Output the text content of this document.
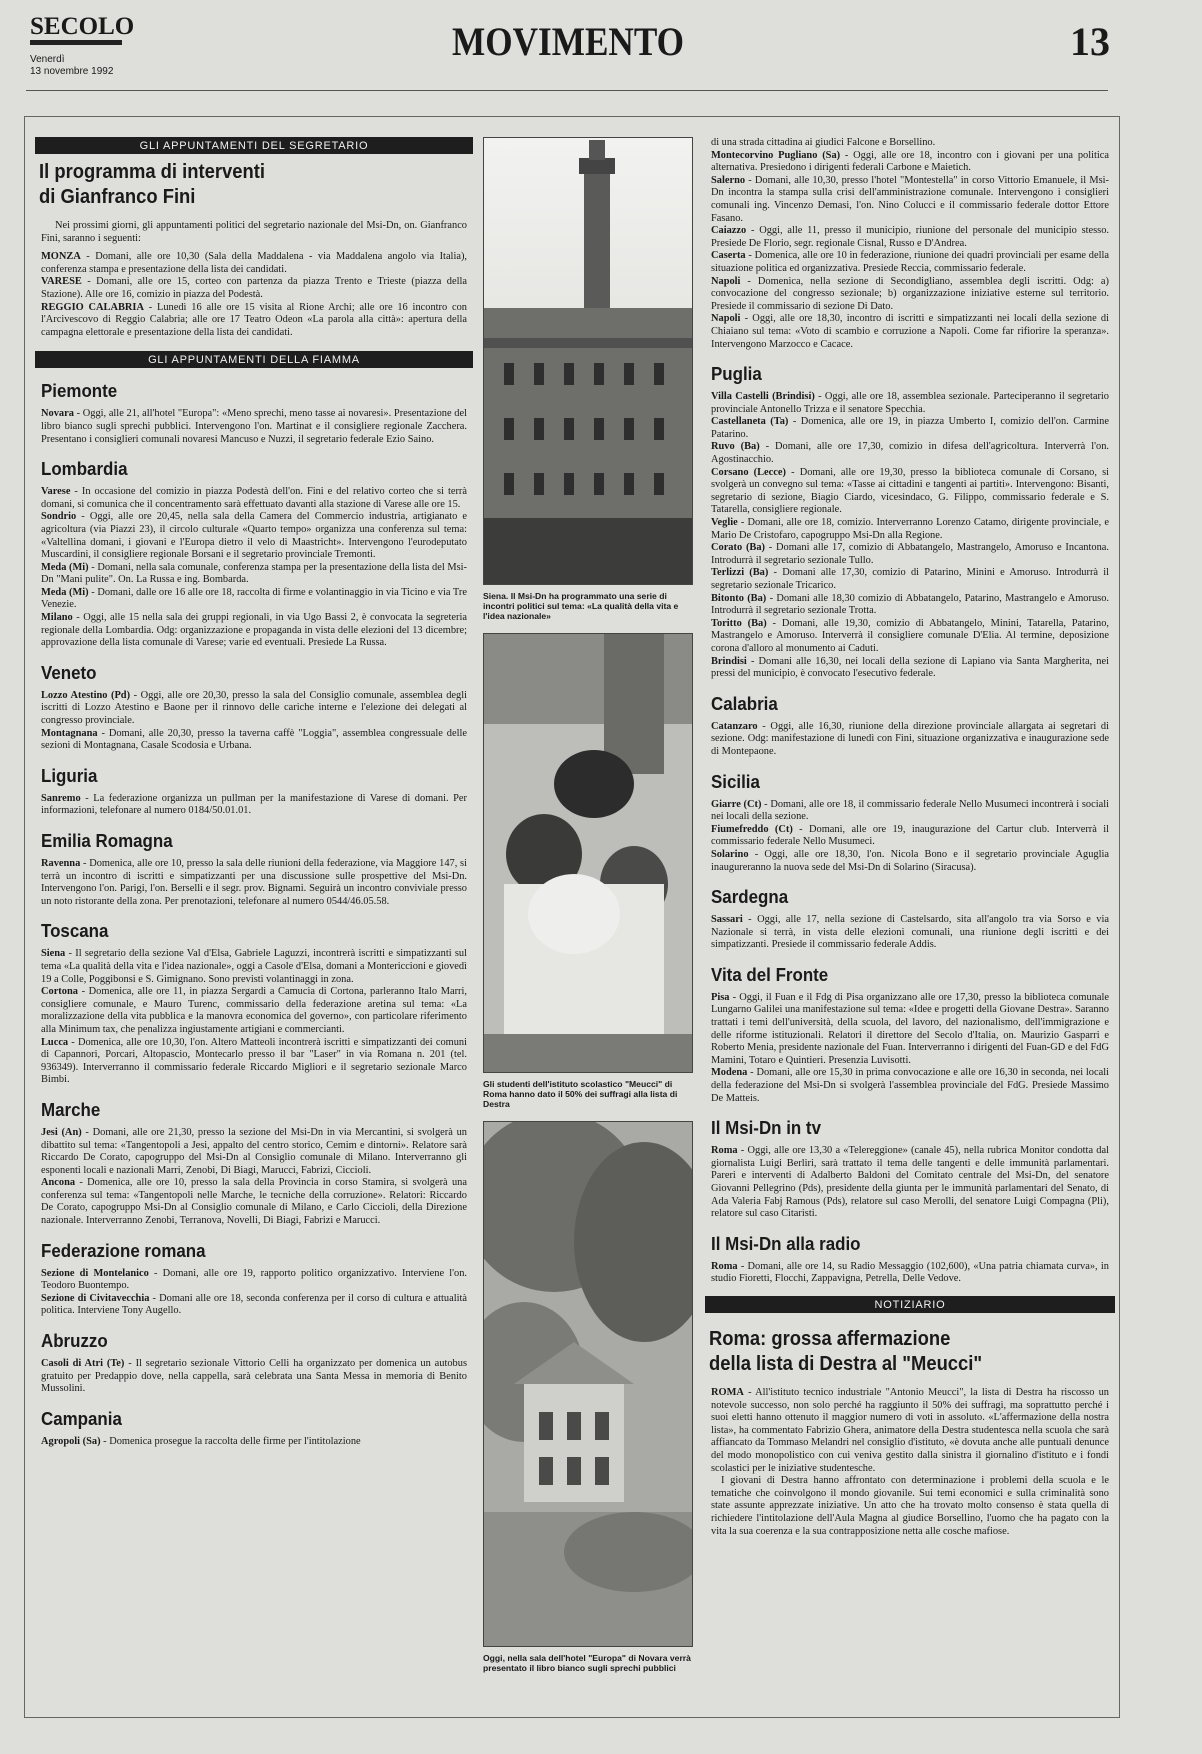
SECOLO
Venerdì
13 novembre 1992
MOVIMENTO	13
GLI APPUNTAMENTI DEL SEGRETARIO
Il programma di interventi
di Gianfranco Fini
Nei prossimi giorni, gli appuntamenti politici del segretario nazionale del Msi-Dn, on. Gianfranco Fini, saranno i seguenti:
MONZA - Domani, alle ore 10,30 (Sala della Maddalena - via Maddalena angolo via Italia), conferenza stampa e presentazione della lista dei candidati.
VARESE - Domani, alle ore 15, corteo con partenza da piazza Trento e Trieste (piazza della Stazione). Alle ore 16, comizio in piazza del Podestà.
REGGIO CALABRIA - Lunedì 16 alle ore 15 visita al Rione Archi; alle ore 16 incontro con l'Arcivescovo di Reggio Calabria; alle ore 17 Teatro Odeon «La parola alla città»: apertura della campagna elettorale e presentazione della lista dei candidati.
GLI APPUNTAMENTI DELLA FIAMMA
Piemonte
Novara - Oggi, alle 21, all'hotel "Europa": «Meno sprechi, meno tasse ai novaresi». Presentazione del libro bianco sugli sprechi pubblici. Intervengono l'on. Martinat e il consigliere regionale Zacchera. Presentano i consiglieri comunali novaresi Mancuso e Nuzzi, il segretario federale Ezio Saino.
Lombardia
Varese - In occasione del comizio in piazza Podestà dell'on. Fini e del relativo corteo che si terrà domani, si comunica che il concentramento sarà effettuato davanti alla stazione di Varese alle ore 15.
Sondrio - Oggi, alle ore 20,45, nella sala della Camera del Commercio industria, artigianato e agricoltura (via Piazzi 23), il circolo culturale «Quarto tempo» organizza una conferenza sul tema: «Valtellina domani, i giovani e l'Europa dietro il velo di Maastricht». Intervengono l'eurodeputato Muscardini, il consigliere regionale Borsani e il segretario provinciale Tremonti.
Meda (Mi) - Domani, nella sala comunale, conferenza stampa per la presentazione della lista del Msi-Dn "Mani pulite". On. La Russa e ing. Bombarda.
Meda (Mi) - Domani, dalle ore 16 alle ore 18, raccolta di firme e volantinaggio in via Ticino e via Tre Venezie.
Milano - Oggi, alle 15 nella sala dei gruppi regionali, in via Ugo Bassi 2, è convocata la segreteria regionale della Lombardia. Odg: organizzazione e propaganda in vista delle elezioni del 13 dicembre; approvazione della lista comunale di Varese; varie ed eventuali. Presiede La Russa.
Veneto
Lozzo Atestino (Pd) - Oggi, alle ore 20,30, presso la sala del Consiglio comunale, assemblea degli iscritti di Lozzo Atestino e Baone per il rinnovo delle cariche interne e l'elezione dei delegati al congresso provinciale.
Montagnana - Domani, alle 20,30, presso la taverna caffè "Loggia", assemblea congressuale delle sezioni di Montagnana, Casale Scodosia e Urbana.
Liguria
Sanremo - La federazione organizza un pullman per la manifestazione di Varese di domani. Per informazioni, telefonare al numero 0184/50.01.01.
Emilia Romagna
Ravenna - Domenica, alle ore 10, presso la sala delle riunioni della federazione, via Maggiore 147, si terrà un incontro di iscritti e simpatizzanti per una discussione sulle prospettive del Msi-Dn. Intervengono l'on. Parigi, l'on. Berselli e il segr. prov. Bignami. Seguirà un incontro conviviale presso un noto ristorante della zona. Per prenotazioni, telefonare al numero 0544/46.05.58.
Toscana
Siena - Il segretario della sezione Val d'Elsa, Gabriele Laguzzi, incontrerà iscritti e simpatizzanti sul tema «La qualità della vita e l'idea nazionale», oggi a Casole d'Elsa, domani a Montericcioni e giovedì 19 a Colle, Poggibonsi e S. Gimignano. Sono previsti volantinaggi in zona.
Cortona - Domenica, alle ore 11, in piazza Sergardi a Camucia di Cortona, parleranno Italo Marri, consigliere comunale, e Mauro Turenc, commissario della federazione aretina sul tema: «La moralizzazione della vita pubblica e la manovra economica del governo», con particolare riferimento alla Minimum tax, che penalizza ingiustamente artigiani e commercianti.
Lucca - Domenica, alle ore 10,30, l'on. Altero Matteoli incontrerà iscritti e simpatizzanti dei comuni di Capannori, Porcari, Altopascio, Montecarlo presso il bar "Laser" in via Romana n. 201 (tel. 936349). Interverranno il commissario federale Riccardo Migliori e il segretario sezionale Marco Bimbi.
Marche
Jesi (An) - Domani, alle ore 21,30, presso la sezione del Msi-Dn in via Mercantini, si svolgerà un dibattito sul tema: «Tangentopoli a Jesi, appalto del centro storico, Cemim e dintorni». Relatore sarà Riccardo De Corato, capogruppo del Msi-Dn al Consiglio comunale di Milano. Interverranno gli esponenti locali e nazionali Marri, Zenobi, Di Biagi, Marucci, Fabrizi, Ciccioli.
Ancona - Domenica, alle ore 10, presso la sala della Provincia in corso Stamira, si svolgerà una conferenza sul tema: «Tangentopoli nelle Marche, le tecniche della corruzione». Relatori: Riccardo De Corato, capogruppo Msi-Dn al Consiglio comunale di Milano, e Carlo Ciccioli, della Direzione nazionale. Interverranno Zenobi, Terranova, Novelli, Di Biagi, Fabrizi e Marucci.
Federazione romana
Sezione di Montelanico - Domani, alle ore 19, rapporto politico organizzativo. Interviene l'on. Teodoro Buontempo.
Sezione di Civitavecchia - Domani alle ore 18, seconda conferenza per il corso di cultura e attualità politica. Interviene Tony Augello.
Abruzzo
Casoli di Atri (Te) - Il segretario sezionale Vittorio Celli ha organizzato per domenica un autobus gratuito per Predappio dove, nella cappella, sarà celebrata una Santa Messa in memoria di Benito Mussolini.
Campania
Agropoli (Sa) - Domenica prosegue la raccolta delle firme per l'intitolazione
Siena. Il Msi-Dn ha programmato una serie di incontri politici sul tema: «La qualità della vita e l'idea nazionale»
Gli studenti dell'istituto scolastico "Meucci" di Roma hanno dato il 50% dei suffragi alla lista di Destra
Oggi, nella sala dell'hotel "Europa" di Novara verrà presentato il libro bianco sugli sprechi pubblici
di una strada cittadina ai giudici Falcone e Borsellino.
Montecorvino Pugliano (Sa) - Oggi, alle ore 18, incontro con i giovani per una politica alternativa. Presiedono i dirigenti federali Carbone e Maietich.
Salerno - Domani, alle 10,30, presso l'hotel "Montestella" in corso Vittorio Emanuele, il Msi-Dn incontra la stampa sulla crisi dell'amministrazione comunale. Intervengono i consiglieri comunali ing. Vincenzo Demasi, l'on. Nino Colucci e il commissario federale dottor Ettore Fasano.
Caiazzo - Oggi, alle 11, presso il municipio, riunione del personale del municipio stesso. Presiede De Florio, segr. regionale Cisnal, Russo e D'Andrea.
Caserta - Domenica, alle ore 10 in federazione, riunione dei quadri provinciali per esame della situazione politica ed organizzativa. Presiede Reccia, commissario federale.
Napoli - Domenica, nella sezione di Secondigliano, assemblea degli iscritti. Odg: a) convocazione del congresso sezionale; b) organizzazione iniziative esterne sul territorio. Presiede il commissario di sezione Di Dato.
Napoli - Oggi, alle ore 18,30, incontro di iscritti e simpatizzanti nei locali della sezione di Chiaiano sul tema: «Voto di scambio e corruzione a Napoli. Come far rifiorire la speranza». Intervengono Marzocco e Cacace.
Puglia
Villa Castelli (Brindisi) - Oggi, alle ore 18, assemblea sezionale. Parteciperanno il segretario provinciale Antonello Trizza e il senatore Specchia.
Castellaneta (Ta) - Domenica, alle ore 19, in piazza Umberto I, comizio dell'on. Carmine Patarino.
Ruvo (Ba) - Domani, alle ore 17,30, comizio in difesa dell'agricoltura. Interverrà l'on. Agostinacchio.
Corsano (Lecce) - Domani, alle ore 19,30, presso la biblioteca comunale di Corsano, si svolgerà un convegno sul tema: «Tasse ai cittadini e tangenti ai partiti». Intervengono: Bisanti, segretario di sezione, Biagio Ciardo, vicesindaco, G. Filippo, commissario federale e S. Tatarella, consigliere regionale.
Veglie - Domani, alle ore 18, comizio. Interverranno Lorenzo Catamo, dirigente provinciale, e Mario De Cristofaro, capogruppo Msi-Dn alla Regione.
Corato (Ba) - Domani alle 17, comizio di Abbatangelo, Mastrangelo, Amoruso e Incantona. Introdurrà il segretario sezionale Tullo.
Terlizzi (Ba) - Domani alle 17,30, comizio di Patarino, Minini e Amoruso. Introdurrà il segretario sezionale Tricarico.
Bitonto (Ba) - Domani alle 18,30 comizio di Abbatangelo, Patarino, Mastrangelo e Amoruso. Introdurrà il segretario sezionale Trotta.
Toritto (Ba) - Domani, alle 19,30, comizio di Abbatangelo, Minini, Tatarella, Patarino, Mastrangelo e Amoruso. Interverrà il consigliere comunale D'Elia. Al termine, deposizione corona d'alloro al monumento ai Caduti.
Brindisi - Domani alle 16,30, nei locali della sezione di Lapiano via Santa Margherita, nei pressi del municipio, è convocato l'esecutivo federale.
Calabria
Catanzaro - Oggi, alle 16,30, riunione della direzione provinciale allargata ai segretari di sezione. Odg: manifestazione di lunedì con Fini, situazione organizzativa e inaugurazione sede di Montepaone.
Sicilia
Giarre (Ct) - Domani, alle ore 18, il commissario federale Nello Musumeci incontrerà i sociali nei locali della sezione.
Fiumefreddo (Ct) - Domani, alle ore 19, inaugurazione del Cartur club. Interverrà il commissario federale Nello Musumeci.
Solarino - Oggi, alle ore 18,30, l'on. Nicola Bono e il segretario provinciale Aguglia inaugureranno la nuova sede del Msi-Dn di Solarino (Siracusa).
Sardegna
Sassari - Oggi, alle 17, nella sezione di Castelsardo, sita all'angolo tra via Sorso e via Nazionale si terrà, in vista delle elezioni comunali, una riunione degli iscritti e dei simpatizzanti. Presiede il commissario federale Addis.
Vita del Fronte
Pisa - Oggi, il Fuan e il Fdg di Pisa organizzano alle ore 17,30, presso la biblioteca comunale Lungarno Galilei una manifestazione sul tema: «Idee e progetti della Giovane Destra». Saranno trattati i temi dell'università, della scuola, del lavoro, del nazionalismo, dell'immigrazione e delle riforme istituzionali. Relatori il direttore del Secolo d'Italia, on. Maurizio Gasparri e Roberto Menia, presidente nazionale del Fuan. Interverranno i dirigenti del Fuan-GD e del FdG Mamini, Totaro e Quintieri. Presenzia Luvisotti.
Modena - Domani, alle ore 15,30 in prima convocazione e alle ore 16,30 in seconda, nei locali della federazione del Msi-Dn si svolgerà l'assemblea provinciale del FdG. Presiede Massimo De Matteis.
Il Msi-Dn in tv
Roma - Oggi, alle ore 13,30 a «Telereggione» (canale 45), nella rubrica Monitor condotta dal giornalista Luigi Berliri, sarà trattato il tema delle tangenti e delle immunità parlamentari. Pareri e interventi di Adalberto Baldoni del Comitato centrale del Msi-Dn, del senatore Giovanni Pellegrino (Pds), presidente della giunta per le immunità parlamentari del Senato, di Ada Valeria Fabj Ramous (Pds), relatore sul caso Merolli, del senatore Luigi Compagna (Pli), relatore sul caso Citaristi.
Il Msi-Dn alla radio
Roma - Domani, alle ore 14, su Radio Messaggio (102,600), «Una patria chiamata curva», in studio Fioretti, Flocchi, Zappavigna, Petrella, Delle Vedove.
NOTIZIARIO
Roma: grossa affermazione
della lista di Destra al "Meucci"
ROMA - All'istituto tecnico industriale "Antonio Meucci", la lista di Destra ha riscosso un notevole successo, non solo perché ha raggiunto il 50% dei suffragi, ma soprattutto perché i suoi eletti hanno ottenuto il maggior numero di voti in assoluto. «L'affermazione della nostra lista», ha commentato Fabrizio Ghera, animatore della Destra studentesca nella scuola che sarà affiancato da Tommaso Melandri nel consiglio d'istituto, «è dovuta anche alle puntuali denunce del modo monopolistico con cui veniva gestito dalla sinistra il giornalino d'istituto e i fondi scolastici per le iniziative studentesche.
I giovani di Destra hanno affrontato con determinazione i problemi della scuola e le tematiche che coinvolgono il mondo giovanile. Sui temi economici e sulla criminalità sono state assunte apprezzate iniziative. Un atto che ha trovato molto consenso è stata quella di richiedere l'intitolazione dell'Aula Magna al giudice Borsellino, l'uomo che ha pagato con la vita la sua coerenza e la sua contrapposizione netta alle cosche mafiose.
